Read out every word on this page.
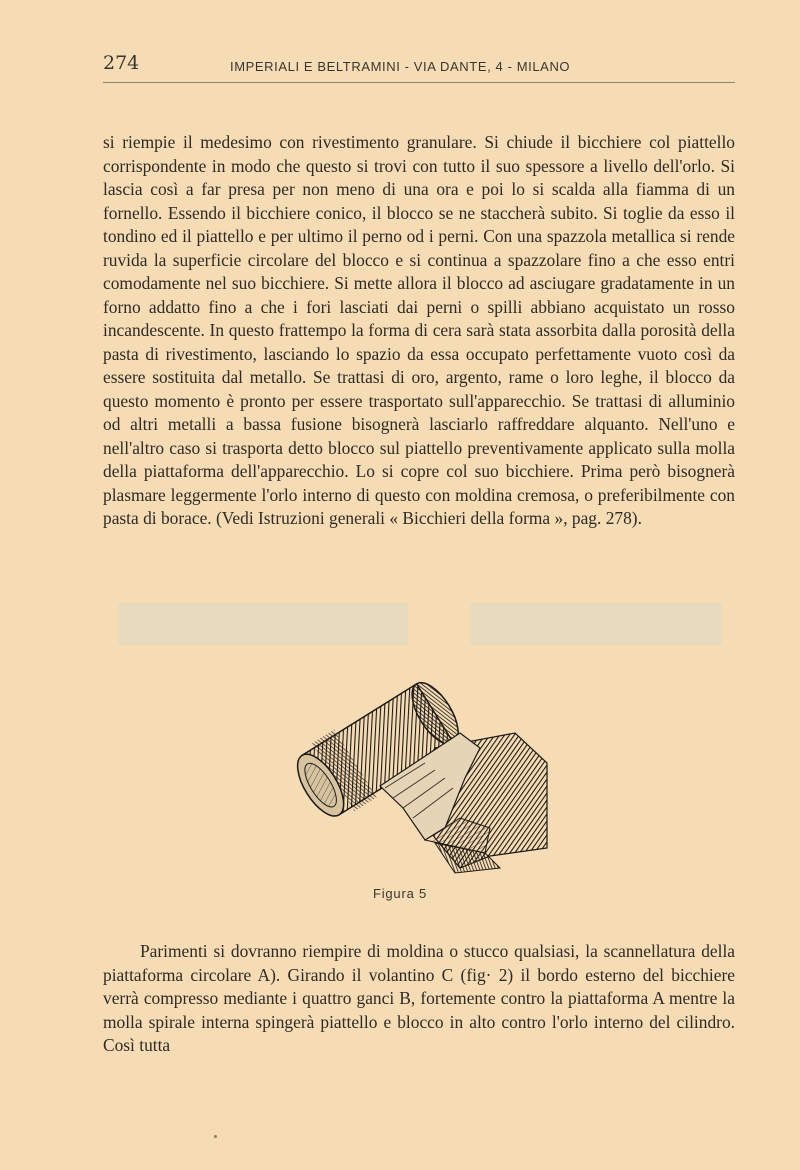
274	IMPERIALI E BELTRAMINI - VIA DANTE, 4 - MILANO

si riempie il medesimo con rivestimento granulare. Si chiude il bicchiere col piattello corrispondente in modo che questo si trovi con tutto il suo spessore a livello dell'orlo. Si lascia così a far presa per non meno di una ora e poi lo si scalda alla fiamma di un fornello. Essendo il bicchiere conico, il blocco se ne staccherà subito. Si toglie da esso il tondino ed il piattello e per ultimo il perno od i perni. Con una spazzola metallica si rende ruvida la superficie circolare del blocco e si continua a spazzolare fino a che esso entri comodamente nel suo bicchiere. Si mette allora il blocco ad asciugare gradatamente in un forno addatto fino a che i fori lasciati dai perni o spilli abbiano acquistato un rosso incandescente. In questo frattempo la forma di cera sarà stata assorbita dalla porosità della pasta di rivestimento, lasciando lo spazio da essa occupato perfettamente vuoto così da essere sostituita dal metallo. Se trattasi di oro, argento, rame o loro leghe, il blocco da questo momento è pronto per essere trasportato sull'apparecchio. Se trattasi di alluminio od altri metalli a bassa fusione bisognerà lasciarlo raffreddare alquanto. Nell'uno e nell'altro caso si trasporta detto blocco sul piattello preventivamente applicato sulla molla della piattaforma dell'apparecchio. Lo si copre col suo bicchiere. Prima però bisognerà plasmare leggermente l'orlo interno di questo con moldina cremosa, o preferibilmente con pasta di borace. (Vedi Istruzioni generali « Bicchieri della forma », pag. 278).

Figura 5

Parimenti si dovranno riempire di moldina o stucco qualsiasi, la scannellatura della piattaforma circolare A). Girando il volantino C (fig· 2) il bordo esterno del bicchiere verrà compresso mediante i quattro ganci B, fortemente contro la piattaforma A mentre la molla spirale interna spingerà piattello e blocco in alto contro l'orlo interno del cilindro. Così tutta
